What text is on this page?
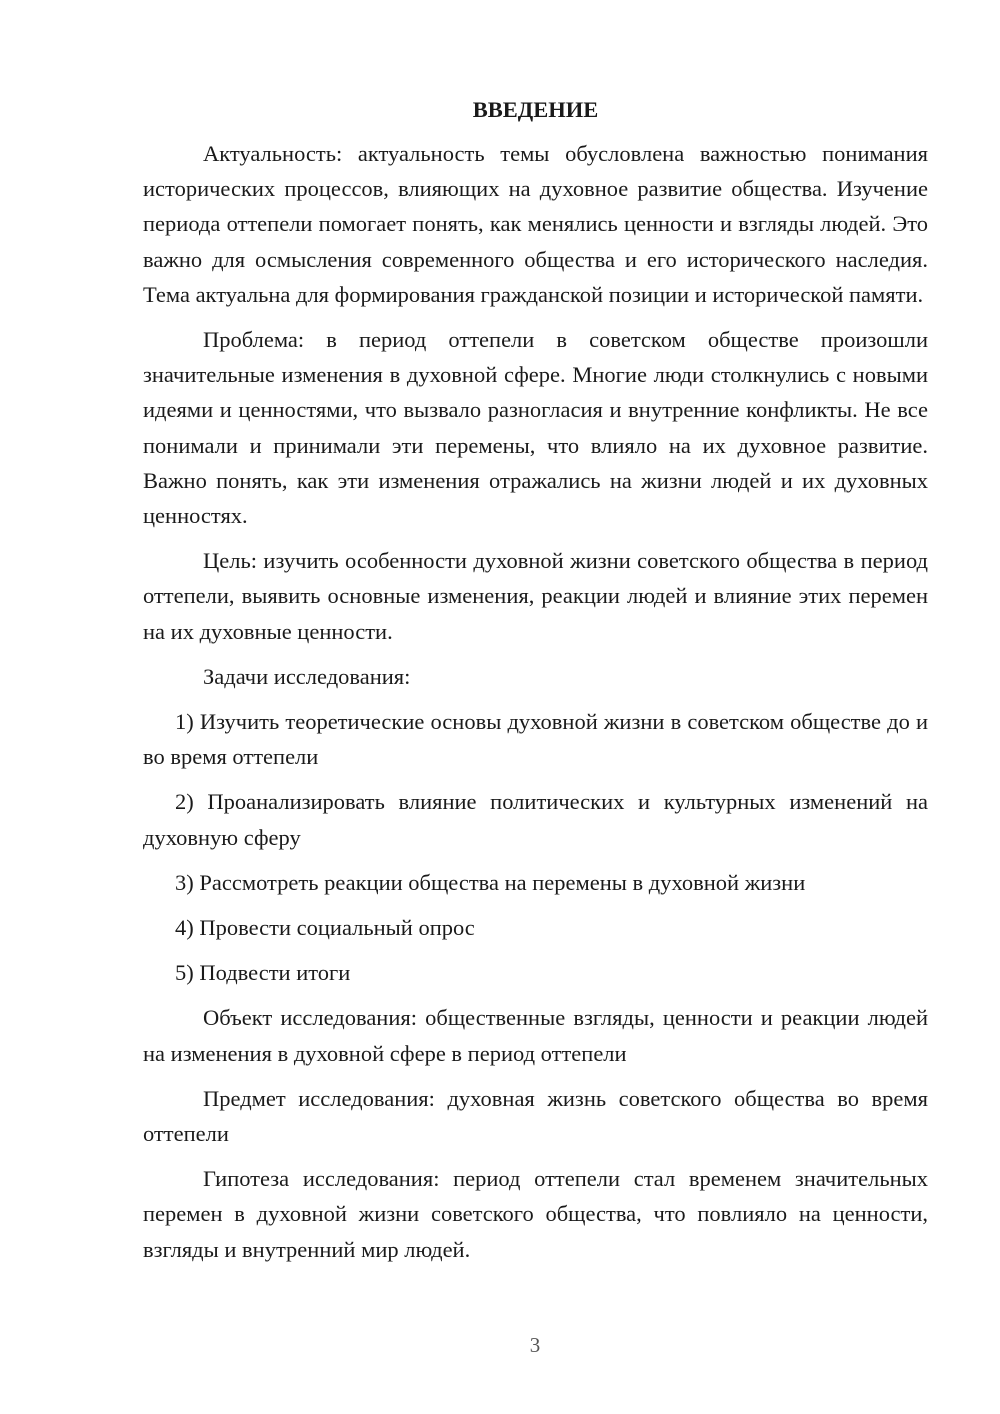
ВВЕДЕНИЕ

Актуальность: актуальность темы обусловлена важностью понимания исторических процессов, влияющих на духовное развитие общества. Изучение периода оттепели помогает понять, как менялись ценности и взгляды людей. Это важно для осмысления современного общества и его исторического наследия. Тема актуальна для формирования гражданской позиции и исторической памяти.

Проблема: в период оттепели в советском обществе произошли значительные изменения в духовной сфере. Многие люди столкнулись с новыми идеями и ценностями, что вызвало разногласия и внутренние конфликты. Не все понимали и принимали эти перемены, что влияло на их духовное развитие. Важно понять, как эти изменения отражались на жизни людей и их духовных ценностях.

Цель: изучить особенности духовной жизни советского общества в период оттепели, выявить основные изменения, реакции людей и влияние этих перемен на их духовные ценности.

Задачи исследования:

1) Изучить теоретические основы духовной жизни в советском обществе до и во время оттепели

2) Проанализировать влияние политических и культурных изменений на духовную сферу

3) Рассмотреть реакции общества на перемены в духовной жизни

4) Провести социальный опрос

5) Подвести итоги

Объект исследования: общественные взгляды, ценности и реакции людей на изменения в духовной сфере в период оттепели

Предмет исследования: духовная жизнь советского общества во время оттепели

Гипотеза исследования: период оттепели стал временем значительных перемен в духовной жизни советского общества, что повлияло на ценности, взгляды и внутренний мир людей.

3
